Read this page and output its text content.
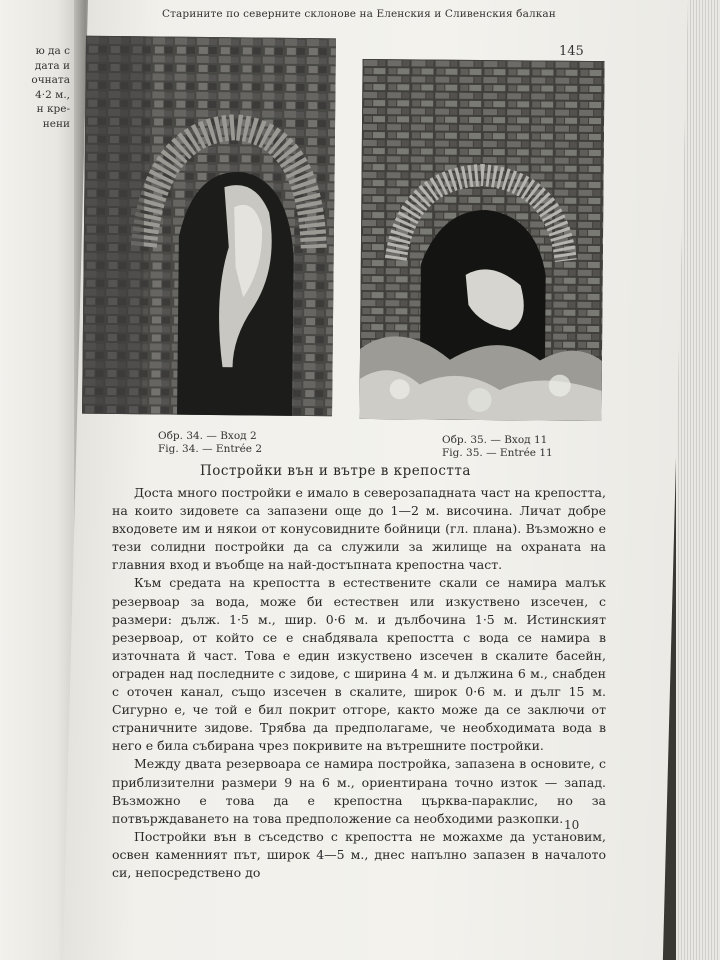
ю да с
дата и
очната
4·2 м.,
н кре-
нени
Старините по северните склонове на Еленския и Сливенския балкан
145
Обр. 34. — Вход 2
Fig. 34. — Entrée 2
Обр. 35. — Вход 11
Fig. 35. — Entrée 11
Постройки вън и вътре в крепостта

Доста много постройки е имало в северозападната част на крепостта, на които зидовете са запазени още до 1—2 м. височина. Личат добре входовете им и някои от конусовидните бойници (гл. плана). Възможно е тези солидни постройки да са служили за жилище на охраната на главния вход и въобще на най-достъпната крепостна част.

Към средата на крепостта в естествените скали се намира малък резервоар за вода, може би естествен или изкуствено изсечен, с размери: дълж. 1·5 м., шир. 0·6 м. и дълбочина 1·5 м. Истинският резервоар, от който се е снабдявала крепостта с вода се намира в източната й част. Това е един изкуствено изсечен в скалите басейн, ограден над последните с зидове, с ширина 4 м. и дължина 6 м., снабден с оточен канал, също изсечен в скалите, широк 0·6 м. и дълг 15 м. Сигурно е, че той е бил покрит отгоре, както може да се заключи от страничните зидове. Трябва да предполагаме, че необходимата вода в него е била събирана чрез покривите на вътрешните постройки.

Между двата резервоара се намира постройка, запазена в основите, с приблизителни размери 9 на 6 м., ориентирана точно изток — запад. Възможно е това да е крепостна църква-параклис, но за потвърждаването на това предположение са необходими разкопки.

Постройки вън в съседство с крепостта не можахме да установим, освен каменният път, широк 4—5 м., днес напълно запазен в началото си, непосредствено до

10
